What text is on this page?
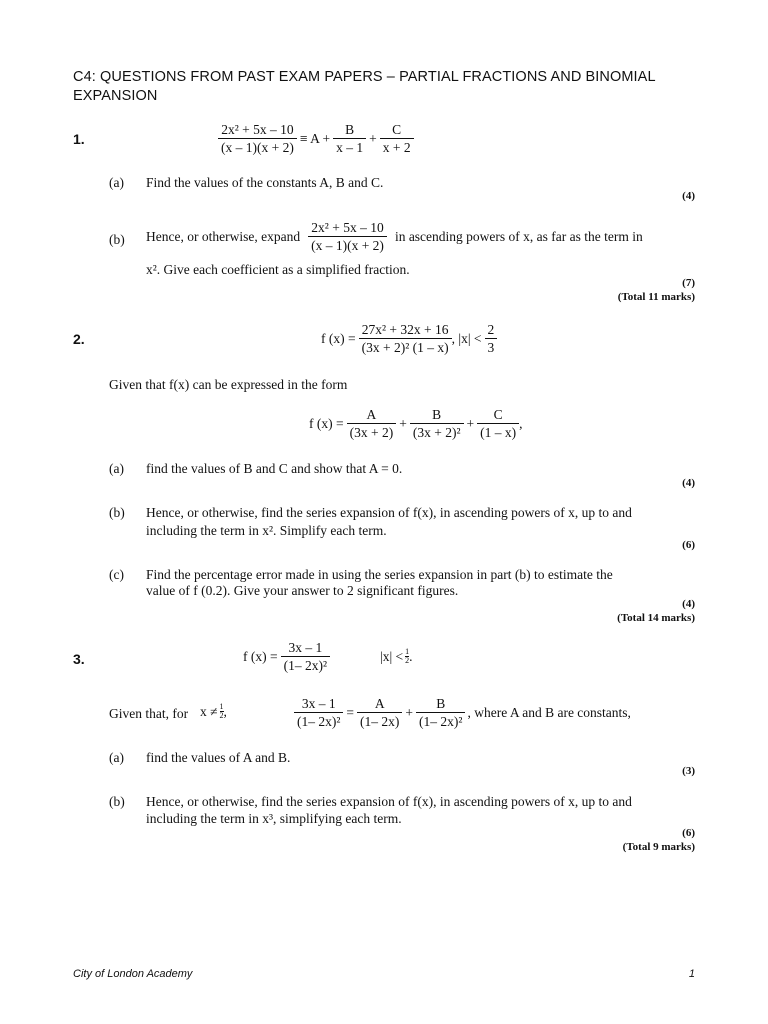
C4: QUESTIONS FROM PAST EXAM PAPERS – PARTIAL FRACTIONS AND BINOMIAL EXPANSION
1.	$\frac{\text{2x² + 5x – 10}}{(x - 1)(x + 2)} \equiv A + \frac{B}{x - 1} + \frac{C}{x + 2}$
(a) Find the values of the constants A, B and C.
(4)
(b) Hence, or otherwise, expand $\frac{\text{2x² + 5x – 10}}{(x - 1)(x + 2)}$ in ascending powers of x, as far as the term in
x². Give each coefficient as a simplified fraction.
(7)
(Total 11 marks)
2.	f $(x) = \frac{\text{27x² + 32x + 16}}{\text{(3x + 2)² (1 – x)}}$ , $|x| < \frac{2}{3}$
Given that f(x) can be expressed in the form
f $(x) = \frac{A}{(3x + 2)} + \frac{B}{\text{(3x + 2)²}} + \frac{C}{(1 - x)}$ ,
(a) find the values of B and C and show that A = 0.
(4)
(b) Hence, or otherwise, find the series expansion of f(x), in ascending powers of x, up to and
including the term in x². Simplify each term.
(6)
(c) Find the percentage error made in using the series expansion in part (b) to estimate the
value of f (0.2). Give your answer to 2 significant figures.
(4)
(Total 14 marks)
3.	f $(x) = \frac{3x - 1}{\text{(1– 2x)²}}$	$|x| < \frac{1}{2}$ .
Given that, for $x \ne \frac{1}{2}$ ,	$\frac{3x - 1}{\text{(1– 2x)²}} = \frac{A}{(1- 2x)} + \frac{B}{\text{(1– 2x)²}}$ , where A and B are constants,
(a) find the values of A and B.
(3)
(b) Hence, or otherwise, find the series expansion of f(x), in ascending powers of x, up to and
including the term in x³, simplifying each term.
(6)
(Total 9 marks)
City of London Academy	1
